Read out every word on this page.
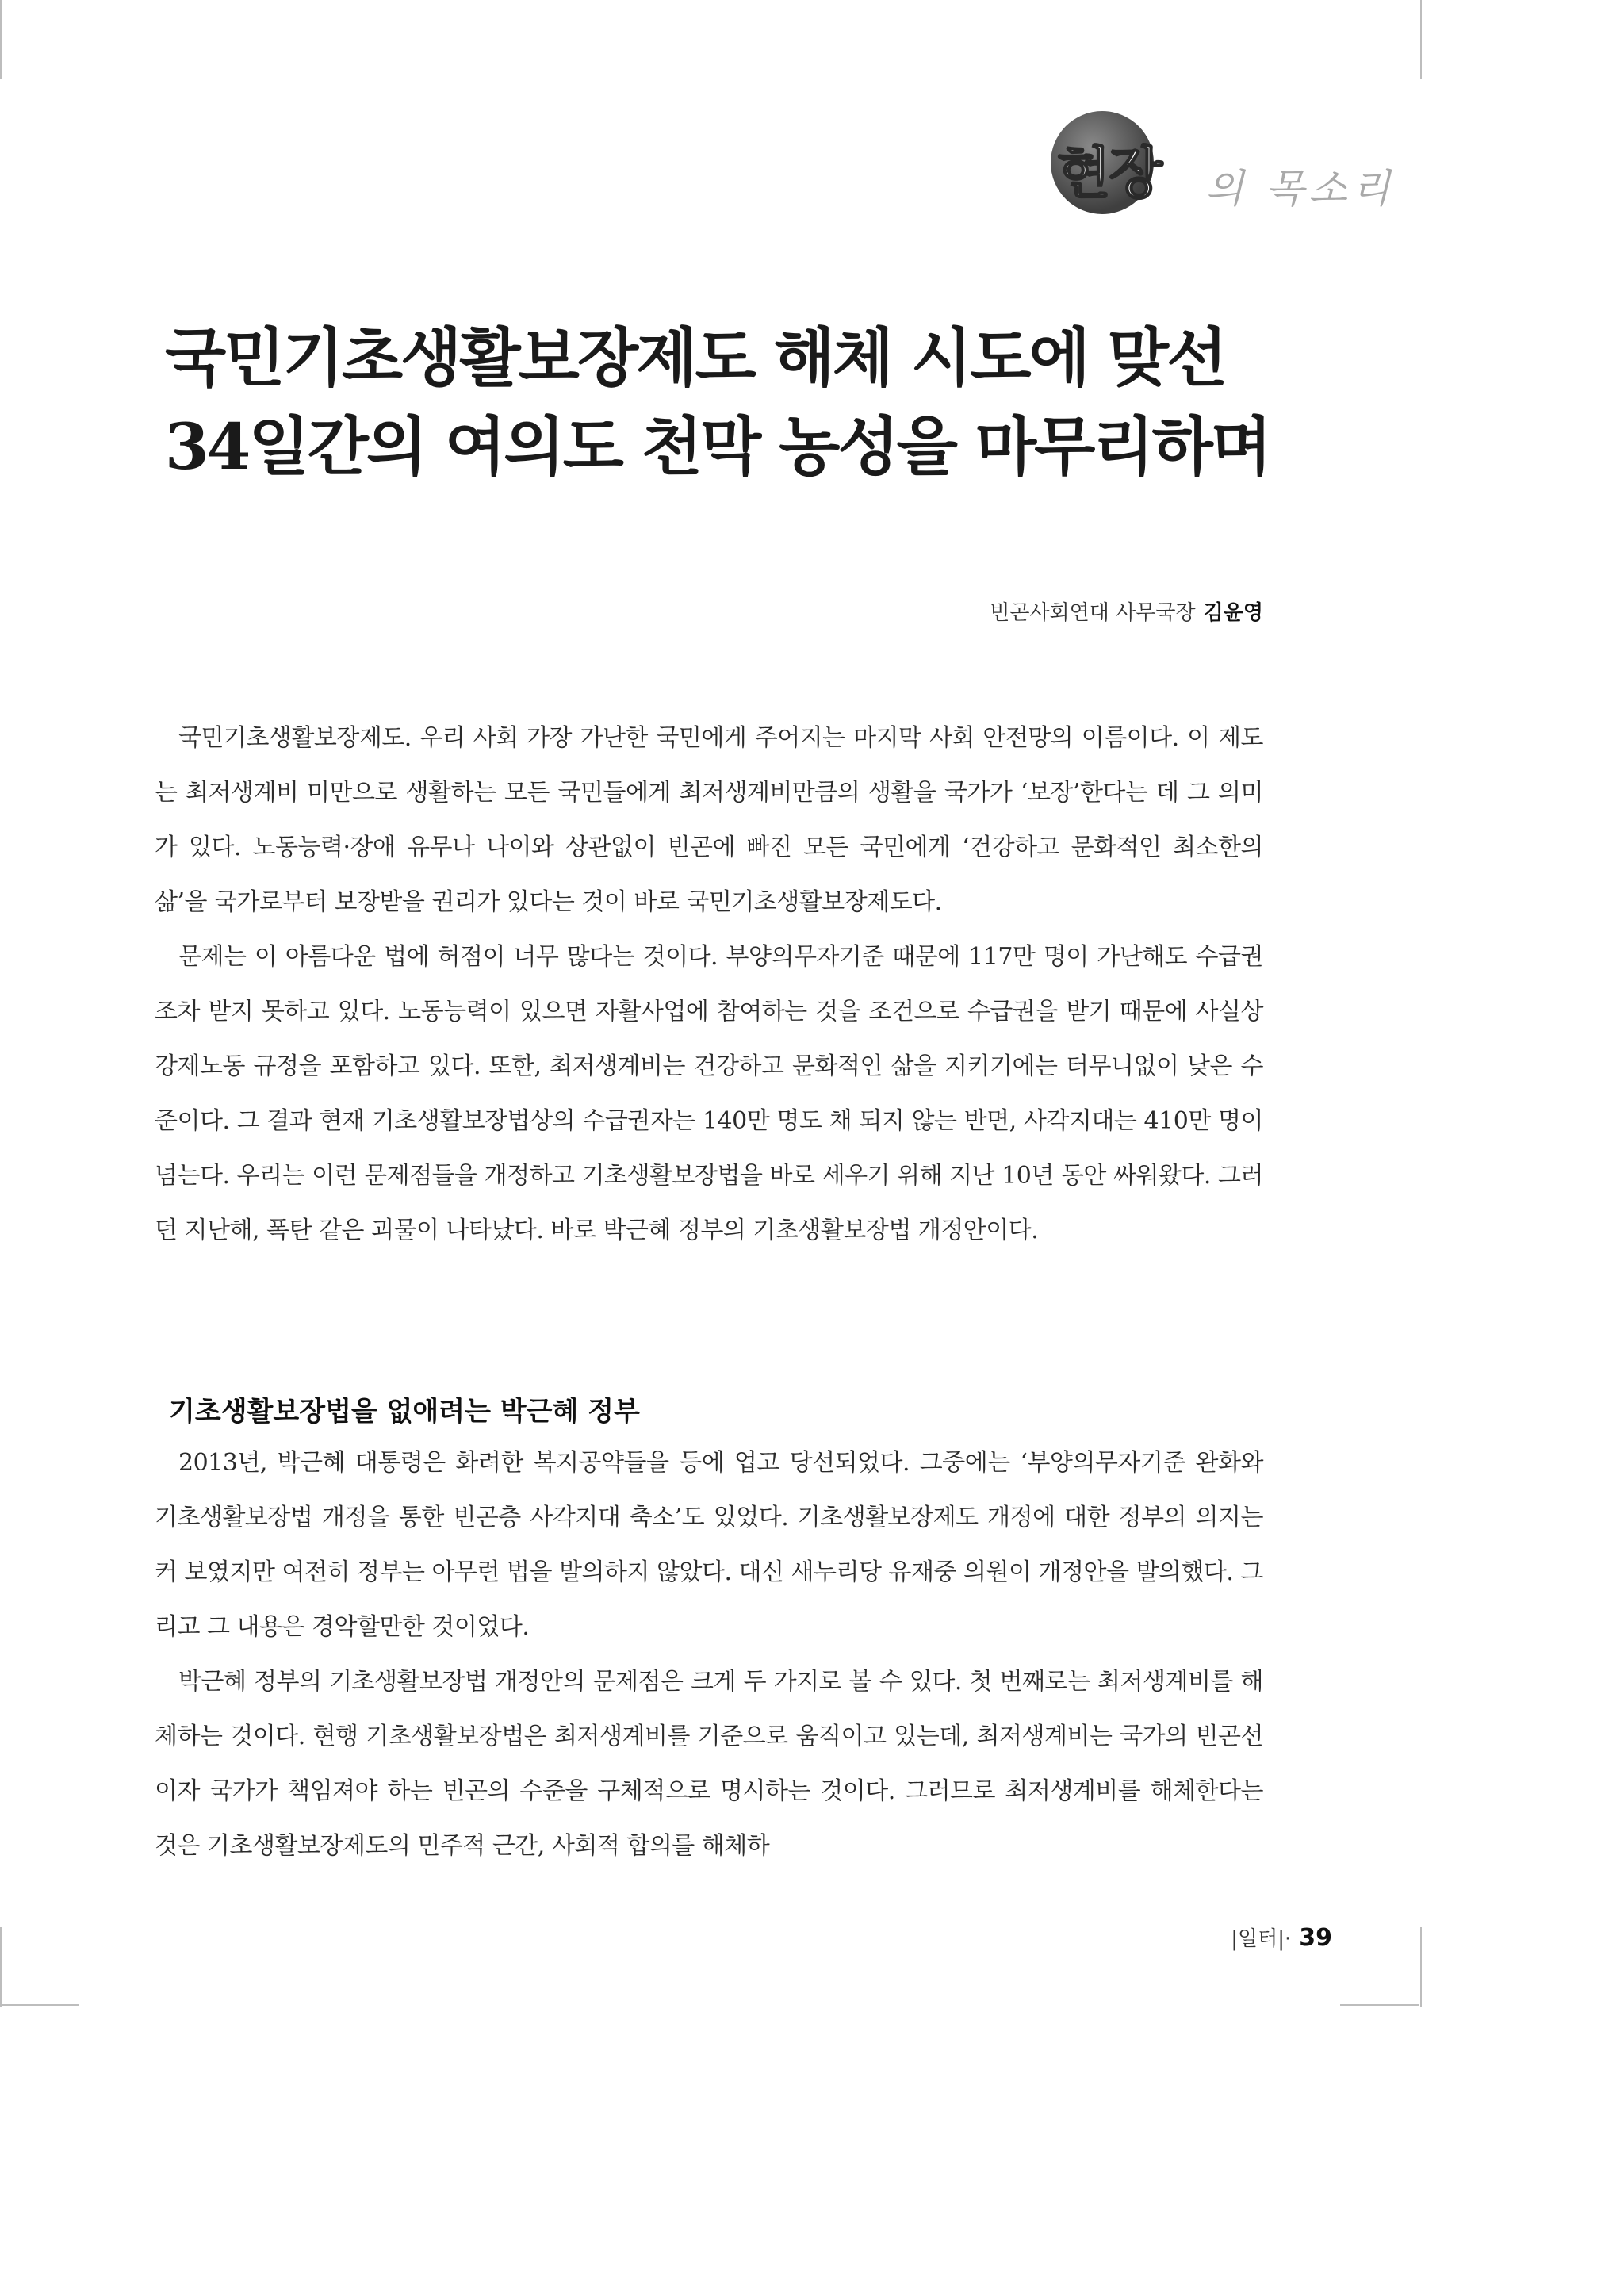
현장 의 목소리
국민기초생활보장제도 해체 시도에 맞선
34일간의 여의도 천막 농성을 마무리하며
빈곤사회연대 사무국장 김윤영

국민기초생활보장제도. 우리 사회 가장 가난한 국민에게 주어지는 마지막 사회 안전망의 이름이다. 이 제도는 최저생계비 미만으로 생활하는 모든 국민들에게 최저생계비만큼의 생활을 국가가 ‘보장’한다는 데 그 의미가 있다. 노동능력·장애 유무나 나이와 상관없이 빈곤에 빠진 모든 국민에게 ‘건강하고 문화적인 최소한의 삶’을 국가로부터 보장받을 권리가 있다는 것이 바로 국민기초생활보장제도다.

문제는 이 아름다운 법에 허점이 너무 많다는 것이다. 부양의무자기준 때문에 117만 명이 가난해도 수급권조차 받지 못하고 있다. 노동능력이 있으면 자활사업에 참여하는 것을 조건으로 수급권을 받기 때문에 사실상 강제노동 규정을 포함하고 있다. 또한, 최저생계비는 건강하고 문화적인 삶을 지키기에는 터무니없이 낮은 수준이다. 그 결과 현재 기초생활보장법상의 수급권자는 140만 명도 채 되지 않는 반면, 사각지대는 410만 명이 넘는다. 우리는 이런 문제점들을 개정하고 기초생활보장법을 바로 세우기 위해 지난 10년 동안 싸워왔다. 그러던 지난해, 폭탄 같은 괴물이 나타났다. 바로 박근혜 정부의 기초생활보장법 개정안이다.

기초생활보장법을 없애려는 박근혜 정부

2013년, 박근혜 대통령은 화려한 복지공약들을 등에 업고 당선되었다. 그중에는 ‘부양의무자기준 완화와 기초생활보장법 개정을 통한 빈곤층 사각지대 축소’도 있었다. 기초생활보장제도 개정에 대한 정부의 의지는 커 보였지만 여전히 정부는 아무런 법을 발의하지 않았다. 대신 새누리당 유재중 의원이 개정안을 발의했다. 그리고 그 내용은 경악할만한 것이었다.

박근혜 정부의 기초생활보장법 개정안의 문제점은 크게 두 가지로 볼 수 있다. 첫 번째로는 최저생계비를 해체하는 것이다. 현행 기초생활보장법은 최저생계비를 기준으로 움직이고 있는데, 최저생계비는 국가의 빈곤선이자 국가가 책임져야 하는 빈곤의 수준을 구체적으로 명시하는 것이다. 그러므로 최저생계비를 해체한다는 것은 기초생활보장제도의 민주적 근간, 사회적 합의를 해체하

|일터|· 39
